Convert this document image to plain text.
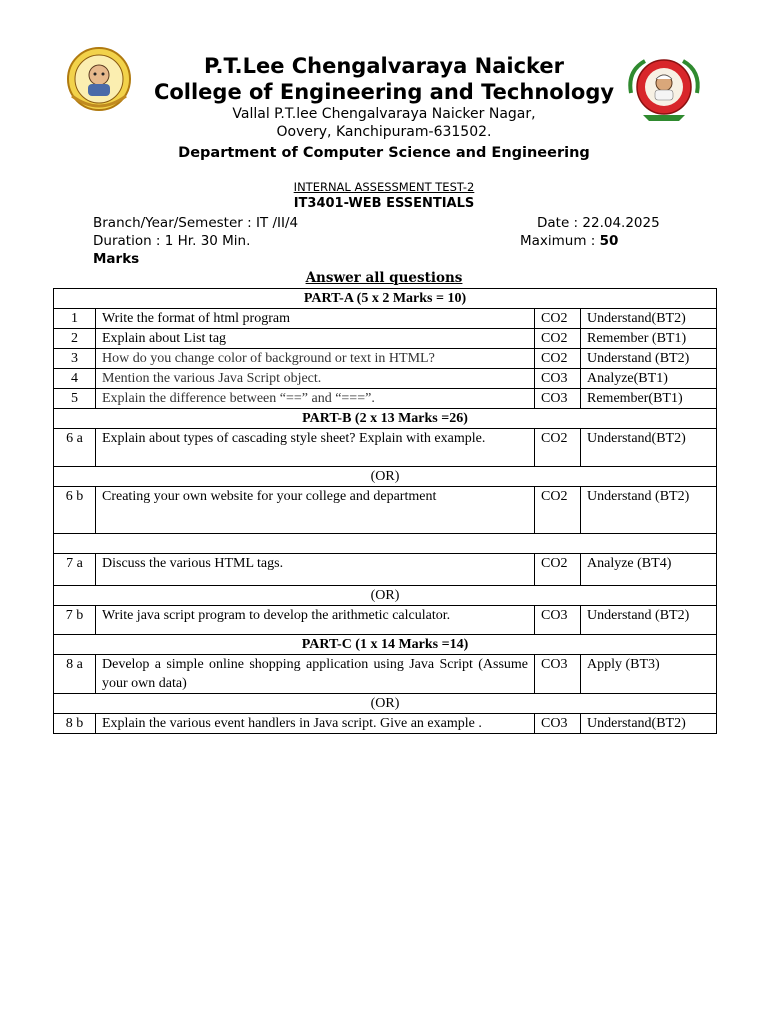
P.T.Lee Chengalvaraya Naicker
College of Engineering and Technology
Vallal P.T.lee Chengalvaraya Naicker Nagar,
Oovery, Kanchipuram-631502.
Department of Computer Science and Engineering
INTERNAL ASSESSMENT TEST-2
IT3401-WEB ESSENTIALS
Branch/Year/Semester : IT /II/4	Date : 22.04.2025
Duration : 1 Hr. 30 Min.	Maximum : 50
Marks
Answer all questions
PART-A (5 x 2 Marks = 10)			
1	Write the format of html program	CO2	Understand(BT2)
2	Explain about List tag	CO2	Remember (BT1)
3	How do you change color of background or text in HTML?	CO2	Understand (BT2)
4	Mention the various Java Script object.	CO3	Analyze(BT1)
5	Explain the difference between “==” and “===”.	CO3	Remember(BT1)
PART-B (2 x 13 Marks =26)			
6 a	Explain about types of cascading style sheet? Explain with example.	CO2	Understand(BT2)
(OR)			
6 b	Creating your own website for your college and department	CO2	Understand (BT2)

7 a	Discuss the various HTML tags.	CO2	Analyze (BT4)
(OR)			
7 b	Write java script program to develop the arithmetic calculator.	CO3	Understand (BT2)
PART-C (1 x 14 Marks =14)			
8 a	Develop a simple online shopping application using Java Script (Assume your own data)	CO3	Apply (BT3)
(OR)			
8 b	Explain the various event handlers in Java script. Give an example .	CO3	Understand(BT2)
